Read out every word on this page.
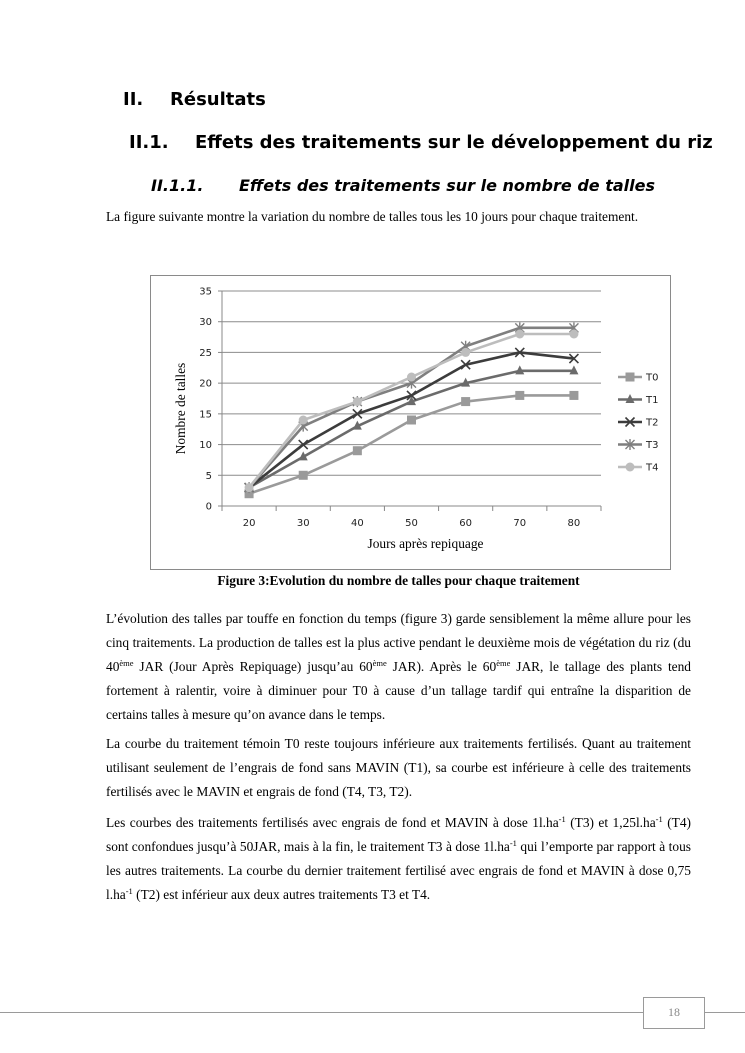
II. Résultats
II.1. Effets des traitements sur le développement du riz
II.1.1. Effets des traitements sur le nombre de talles

La figure suivante montre la variation du nombre de talles tous les 10 jours pour chaque traitement.

0
5
10
15
20
25
30
35
20	30	40	50	60	70	80
Jours après repiquage
Nombre de talles	T0
T1
T2
T3
T4
Figure 3:Evolution du nombre de talles pour chaque traitement

L’évolution des talles par touffe en fonction du temps (figure 3) garde sensiblement la même allure pour les cinq traitements. La production de talles est la plus active pendant le deuxième mois de végétation du riz (du 40ème JAR (Jour Après Repiquage) jusqu’au 60ème JAR). Après le 60ème JAR, le tallage des plants tend fortement à ralentir, voire à diminuer pour T0 à cause d’un tallage tardif qui entraîne la disparition de certains talles à mesure qu’on avance dans le temps.

La courbe du traitement témoin T0 reste toujours inférieure aux traitements fertilisés. Quant au traitement utilisant seulement de l’engrais de fond sans MAVIN (T1), sa courbe est inférieure à celle des traitements fertilisés avec le MAVIN et engrais de fond (T4, T3, T2).

Les courbes des traitements fertilisés avec engrais de fond et MAVIN à dose $1l.ha^{-1}$ (T3) et $1,25l.ha^{-1}$ (T4) sont confondues jusqu’à 50JAR, mais à la fin, le traitement T3 à dose $1l.ha^{-1}$ qui l’emporte par rapport à tous les autres traitements. La courbe du dernier traitement fertilisé avec engrais de fond et MAVIN à dose 0,75 $l.ha^{-1}$ (T2) est inférieur aux deux autres traitements T3 et T4.

18
